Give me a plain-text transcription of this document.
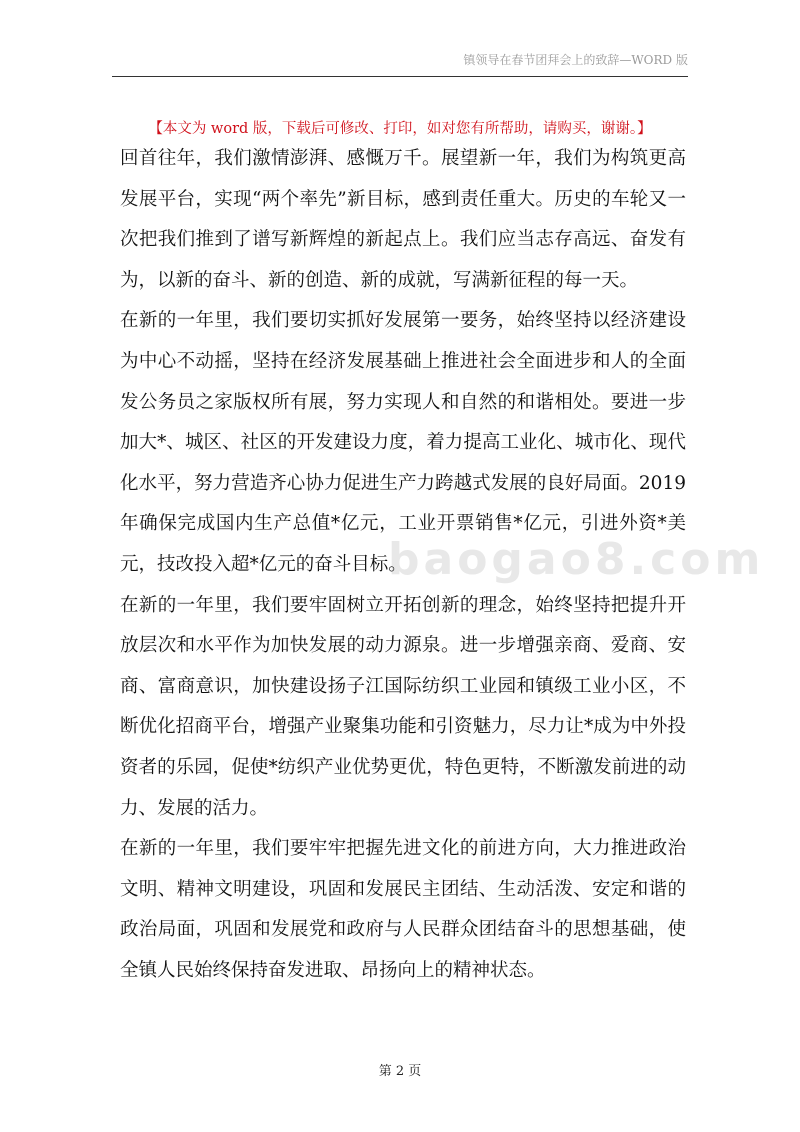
镇领导在春节团拜会上的致辞—WORD 版
【本文为 word 版，下载后可修改、打印，如对您有所帮助，请购买，谢谢。】
baogao8.com

回首往年，我们激情澎湃、感慨万千。展望新一年，我们为构筑更高发展平台，实现“两个率先”新目标，感到责任重大。历史的车轮又一次把我们推到了谱写新辉煌的新起点上。我们应当志存高远、奋发有为，以新的奋斗、新的创造、新的成就，写满新征程的每一天。

在新的一年里，我们要切实抓好发展第一要务，始终坚持以经济建设为中心不动摇，坚持在经济发展基础上推进社会全面进步和人的全面发公务员之家版权所有展，努力实现人和自然的和谐相处。要进一步加大*、城区、社区的开发建设力度，着力提高工业化、城市化、现代化水平，努力营造齐心协力促进生产力跨越式发展的良好局面。2019 年确保完成国内生产总值*亿元，工业开票销售*亿元，引进外资*美元，技改投入超*亿元的奋斗目标。

在新的一年里，我们要牢固树立开拓创新的理念，始终坚持把提升开放层次和水平作为加快发展的动力源泉。进一步增强亲商、爱商、安商、富商意识，加快建设扬子江国际纺织工业园和镇级工业小区，不断优化招商平台，增强产业聚集功能和引资魅力，尽力让*成为中外投资者的乐园，促使*纺织产业优势更优，特色更特，不断激发前进的动力、发展的活力。

在新的一年里，我们要牢牢把握先进文化的前进方向，大力推进政治文明、精神文明建设，巩固和发展民主团结、生动活泼、安定和谐的政治局面，巩固和发展党和政府与人民群众团结奋斗的思想基础，使全镇人民始终保持奋发进取、昂扬向上的精神状态。

第 2 页
